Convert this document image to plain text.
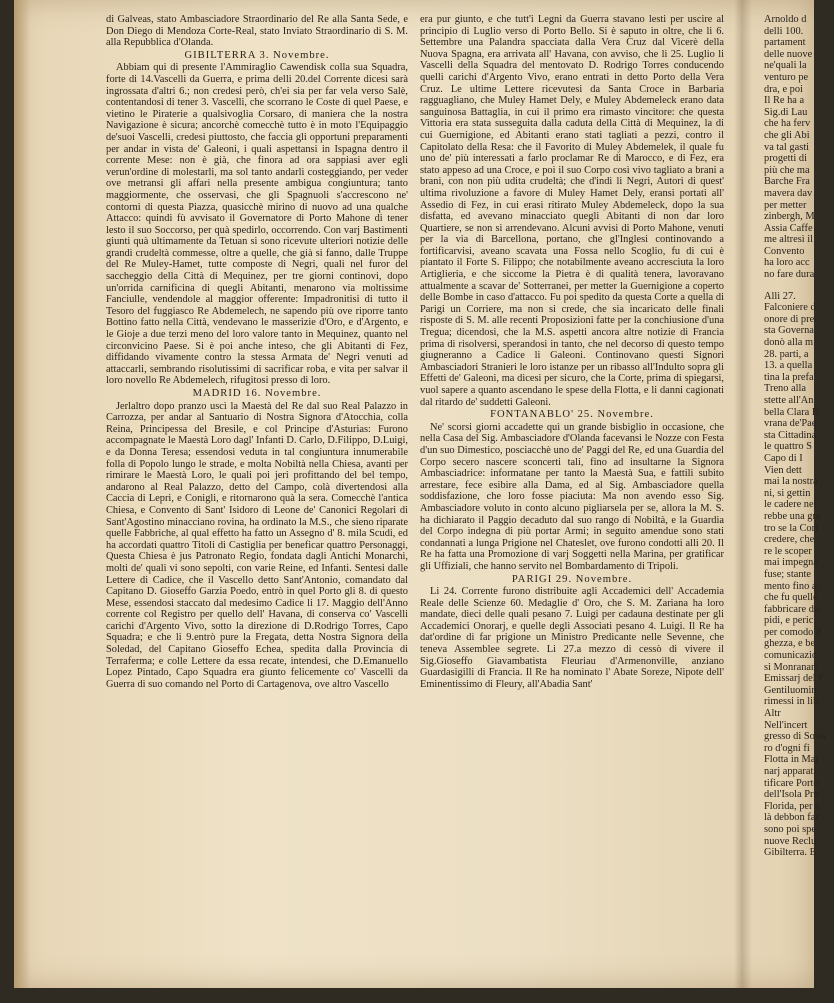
di Galveas, stato Ambasciadore Straordinario del Re alla Santa Sede, e Don Diego di Mendoza Corte-Real, stato Inviato Straordinario di S. M. alla Repubblica d'Olanda.

GIBILTERRA 3. Novembre.

Abbiam qui di presente l'Ammiraglio Cawendisk colla sua Squadra, forte di 14.Vascelli da Guerra, e prima delli 20.del Corrente dicesi sarà ingrossata d'altri 6.; non credesi però, ch'ei sia per far vela verso Salè, contentandosi di tener 3. Vascelli, che scorrano le Coste di quel Paese, e vietino le Piraterie a qualsivoglia Corsaro, di maniera che la nostra Navigazione è sicura; ancorchè comecchè tutto è in moto l'Equipaggio de'suoi Vascelli, credesi piuttosto, che faccia gli opportuni preparamenti per andar in vista de' Galeoni, i quali aspettansi in Ispagna dentro il corrente Mese: non è già, che finora ad ora sappiasi aver egli verun'ordine di molestarli, ma sol tanto andarli costeggiando, per veder ove metransi gli affari nella presente ambigua congiuntura; tanto maggiormente, che osservasi, che gli Spagnuoli s'accrescono ne' contorni di questa Piazza, quasicchè mirino di nuovo ad una qualche Attacco: quindi fù avvisato il Governatore di Porto Mahone di tener lesto il suo Soccorso, per quà spedirlo, occorrendo. Con varj Bastimenti giunti quà ultimamente da Tetuan si sono ricevute ulteriori notizie delle grandi crudeltà commesse, oltre a quelle, che già si fanno, dalle Truppe del Re Muley-Hamet, tutte composte di Negri, quali nel furor del saccheggio della Città di Mequinez, per tre giorni continovi, dopo un'orrida carnificina di quegli Abitanti, menarono via moltissime Fanciulle, vendendole al maggior offerente: Impadronitisi di tutto il Tesoro del fuggiasco Re Abdemelech, ne sapendo più ove riporre tanto Bottino fatto nella Città, vendevano le masserizie d'Oro, e d'Argento, e le Gioje a due terzi meno del loro valore tanto in Mequinez, quanto nel circonvicino Paese. Si è poi anche inteso, che gli Abitanti di Fez, diffidando vivamente contro la stessa Armata de' Negri venuti ad attaccarli, sembrando risolutissimi di sacrificar roba, e vita per salvar il loro novello Re Abdemelech, rifugitosi presso di loro.

MADRID 16. Novembre.

Jerlaltro dopo pranzo uscì la Maestà del Re dal suo Real Palazzo in Carrozza, per andar al Santuario di Nostra Signora d'Atocchia, colla Reina, Principessa del Bresile, e col Principe d'Asturias: Furono accompagnate le Maestà Loro dagl' Infanti D. Carlo, D.Filippo, D.Luigi, e da Donna Teresa; essendosi veduta in tal congiuntura innumerabile folla di Popolo lungo le strade, e molta Nobiltà nella Chiesa, avanti per rimirare le Maestà Loro, le quali poi jeri profittando del bel tempo, andarono al Real Palazzo, detto del Campo, colà divertendosi alla Caccia di Lepri, e Conigli, e ritornarono quà la sera. Comecchè l'antica Chiesa, e Convento di Sant' Isidoro di Leone de' Canonici Regolari di Sant'Agostino minacciano rovina, ha ordinato la M.S., che sieno riparate quelle Fabbriche, al qual effetto ha fatto un Assegno d' 8. mila Scudi, ed ha accordati quattro Titoli di Castiglia per beneficar quattro Personaggi, Questa Chiesa è jus Patronato Regio, fondata dagli Antichi Monarchi, molti de' quali vi sono sepolti, con varie Reine, ed Infanti. Sentesi dalle Lettere di Cadice, che il Vascello detto Sant'Antonio, comandato dal Capitano D. Gioseffo Garzia Poedo, entrò in quel Porto gli 8. di questo Mese, essendosi staccato dal medesimo Cadice li 17. Maggio dell'Anno corrente col Registro per quello dell' Havana, di conserva co' Vascelli carichi d'Argento Vivo, sotto la direzione di D.Rodrigo Torres, Capo Squadra; e che li 9.entrò pure la Fregata, detta Nostra Signora della Soledad, del Capitano Gioseffo Echea, spedita dalla Provincia di Terraferma; e colle Lettere da essa recate, intendesi, che D.Emanuello Lopez Pintado, Capo Squadra era giunto felicemente co' Vascelli da Guerra di suo comando nel Porto di Cartagenova, ove altro Vascello

era pur giunto, e che tutt'i Legni da Guerra stavano lesti per uscire al principio di Luglio verso di Porto Bello. Si è saputo in oltre, che li 6. Settembre una Palandra spacciata dalla Vera Cruz dal Vicerè della Nuova Spagna, era arrivata all' Havana, con avviso, che li 25. Luglio li Vascelli della Squadra del mentovato D. Rodrigo Torres conducendo quelli carichi d'Argento Vivo, erano entrati in detto Porto della Vera Cruz. Le ultime Lettere ricevutesi da Santa Croce in Barbaria ragguagliano, che Muley Hamet Dely, e Muley Abdemeleck erano data sanguinosa Battaglia, in cui il primo era rimasto vincitore: che questa Vittoria era stata susseguita dalla caduta della Città di Mequinez, la di cui Guernigione, ed Abitanti erano stati tagliati a pezzi, contro il Capitolato della Resa: che il Favorito di Muley Abdemelek, il quale fu uno de' più interessati a farlo proclamar Re di Marocco, e di Fez, era stato appeso ad una Croce, e poi il suo Corpo così vivo tagliato a brani a brani, con non più udita crudeltà; che d'indi li Negri, Autori di quest' ultima rivoluzione a favore di Muley Hamet Dely, eransi portati all' Assedio di Fez, in cui erasi ritirato Muley Abdemeleck, dopo la sua disfatta, ed avevano minacciato quegli Abitanti di non dar loro Quartiere, se non si arrendevano. Alcuni avvisi di Porto Mahone, venuti per la via di Barcellona, portano, che gl'Inglesi continovando a fortificarvisi, aveano scavata una Fossa nello Scoglio, fu di cui è piantato il Forte S. Filippo; che notabilmente aveano accresciuta la loro Artiglieria, e che siccome la Pietra è di qualità tenera, lavoravano attualmente a scavar de' Sotterranei, per metter la Guernigione a coperto delle Bombe in caso d'attacco. Fu poi spedito da questa Corte a quella di Parigi un Corriere, ma non si crede, che sia incaricato delle finali risposte di S. M. alle recenti Proposizioni fatte per la conchiusione d'una Tregua; dicendosi, che la M.S. aspetti ancora altre notizie di Francia prima di risolversi, sperandosi in tanto, che nel decorso di questo tempo giugneranno a Cadice li Galeoni. Continovano questi Signori Ambasciadori Stranieri le loro istanze per un ribasso all'Indulto sopra gli Effetti de' Galeoni, ma dicesi per sicuro, che la Corte, prima di spiegarsi, vuol sapere a quanto ascendano le spese della Flotta, e li danni cagionati dal ritardo de' suddetti Galeoni.

FONTANABLO' 25. Novembre.

Ne' scorsi giorni accadette quì un grande bisbiglio in occasione, che nella Casa del Sig. Ambasciadore d'Olanda facevansi le Nozze con Festa d'un suo Dimestico, posciacchè uno de' Paggi del Re, ed una Guardia del Corpo secero nascere sconcerti tali, fino ad insultarne la Signora Ambasciadrice: informatane per tanto la Maestà Sua, e fattili subito arrestare, fece esibire alla Dama, ed al Sig. Ambasciadore quella soddisfazione, che loro fosse piaciuta: Ma non avendo esso Sig. Ambasciadore voluto in conto alcuno pigliarsela per se, allora la M. S. ha dichiarato il Paggio decaduto dal suo rango di Nobiltà, e la Guardia del Corpo indegna di più portar Armi; in seguito amendue sono stati condannati a lunga Prigione nel Chateslet, ove furono condotti alli 20. Il Re ha fatta una Promozione di varj Soggetti nella Marina, per gratificar gli Uffiziali, che hanno servito nel Bombardamento di Tripoli.

PARIGI 29. Novembre.

Li 24. Corrente furono distribuite agli Accademici dell' Accademia Reale delle Scienze 60. Medaglie d' Oro, che S. M. Zariana ha loro mandate, dieci delle quali pesano 7. Luigi per cadauna destinate per gli Accademici Onorarj, e quelle degli Associati pesano 4. Luigi. Il Re ha dat'ordine di far prigione un Ministro Predicante nelle Sevenne, che teneva Assemblee segrete. Li 27.a mezzo di cessò di vivere il Sig.Gioseffo Giavambatista Fleuriau d'Armenonville, anziano Guardasigilli di Francia. Il Re ha nominato l' Abate Soreze, Nipote dell' Eminentissimo di Fleury, all'Abadia Sant'

Arnoldo d

delli 100.

partament

delle nuove

ne'quali la

venturo pe

dra, e poi

Il Re ha a

Sig.di Lau

che ha ferv

che gli Abi

va tal gasti

progetti di

più che ma

Barche Fra

mavera dav

per metter

zinbergh, M

Assia Caffe

me altresì il

Convento

ha loro acc

no fare dura

Alli 27.

Falconiere d

onore di pre

sta Governa

donò alla m

28. parti, a

13. a quella

tina la prefa

Treno alla

stette all'An

bella Clara B

vrana de'Pae

sta Cittadina

le quattro S

Capo di I

Vien dett

mai la nostra

ni, si gettin

le cadere nel

rebbe una gra

tro se la Cort

credere, che

re le scoper

mai impegna

fuse; stante

mento fino al

che fu quelle

fabbricare du

pidi, e peric

per comodo d

ghezza, e be

comunicazio

si Monranari

Emissarj del F

Gentiluomin

rimessi in lib

Altr

Nell'incert

gresso di Soiss

ro d'ogni fi

Flotta in Mar

narj apparati

tificare Porto

dell'Isola Pro

Florida, per c

là debbon far

sono poi spe

nuove Reclu

Gibilterra. E
